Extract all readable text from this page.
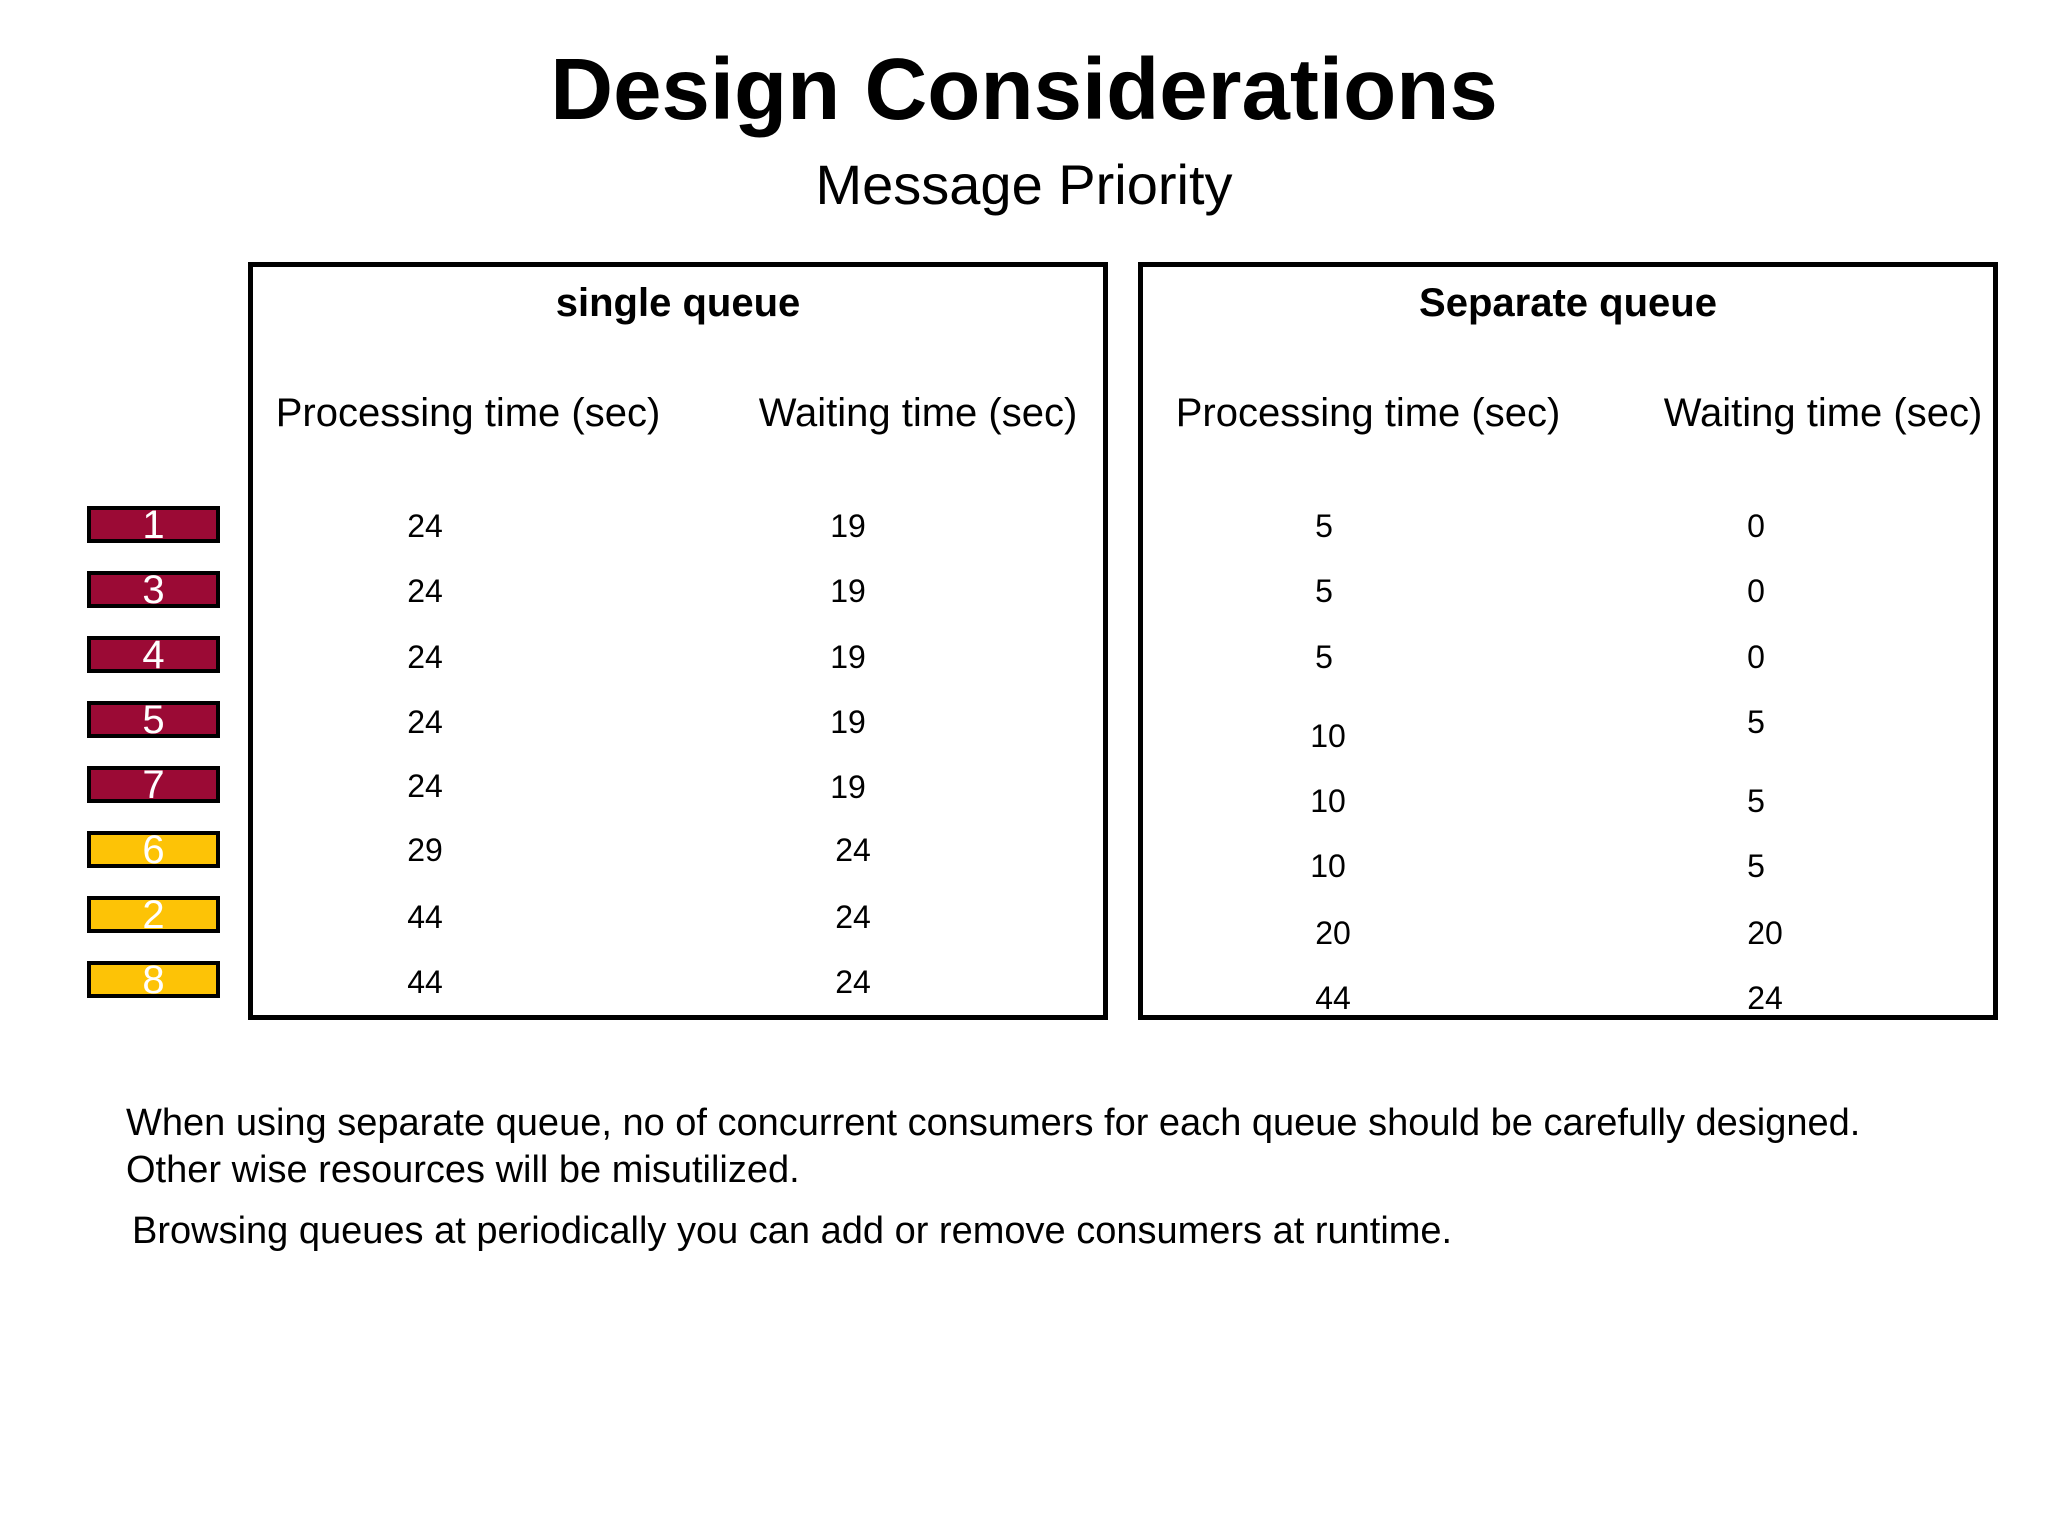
Design Considerations
Message Priority
1
3
4
5
7
6
2
8
single queue
Processing time (sec) Waiting time (sec)
24
24
24
24
24
29
44
44
19
19
19
19
19
24
24
24
Separate queue
Processing time (sec)	Waiting time (sec)
5
5
5
10
10
10
20
44
0
0
0
5
5
5
20
24
When using separate queue, no of concurrent consumers for each queue should be carefully designed.
Other wise resources will be misutilized.
Browsing queues at periodically you can add or remove consumers at runtime.
